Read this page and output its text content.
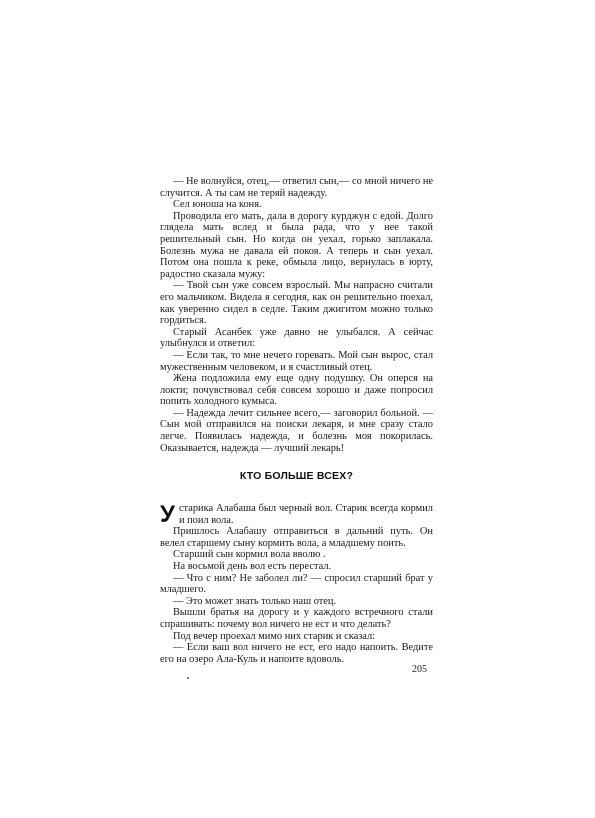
— Не волнуйся, отец,— ответил сын,— со мной ничего не случится. А ты сам не теряй надежду.

Сел юноша на коня.

Проводила его мать, дала в дорогу курджун с едой. Долго глядела мать вслед и была рада, что у нее такой решительный сын. Но когда он уехал, горько заплакала. Болезнь мужа не давала ей покоя. А теперь и сын уехал. Потом она пошла к реке, обмыла лицо, вернулась в юрту, радостно сказала мужу:

— Твой сын уже совсем взрослый. Мы напрасно считали его мальчиком. Видела я сегодня, как он решительно поехал, как уверенно сидел в седле. Таким джигитом можно только гордиться.

Старый Асанбек уже давно не улыбался. А сейчас улыбнулся и ответил:

— Если так, то мне нечего горевать. Мой сын вырос, стал мужественным человеком, и я счастливый отец.

Жена подложила ему еще одну подушку. Он оперся на локти; почувствовал себя совсем хорошо и даже попросил попить холодного кумыса.

— Надежда лечит сильнее всего,— заговорил больной. — Сын мой отправился на поиски лекаря, и мне сразу стало легче. Появилась надежда, и болезнь моя покорилась. Оказывается, надежда — лучший лекарь!

КТО БОЛЬШЕ ВСЕХ?

Устарика Алабаша был черный вол. Старик всегда кормил и поил вола.

Пришлось Алабашу отправиться в дальний путь. Он велел старшему сыну кормить вола, а младшему поить.

Старший сын кормил вола вволю .

На восьмой день вол есть перестал.

— Что с ним? Не заболел ли? — спросил старший брат у младшего.

— Это может знать только наш отец.

Вышли братья на дорогу и у каждого встречного стали спрашивать: почему вол ничего не ест и что делать?

Под вечер проехал мимо них старик и сказал:

— Если ваш вол ничего не ест, его надо напоить. Ведите его на озеро Ала-Куль и напоите вдоволь.

205
